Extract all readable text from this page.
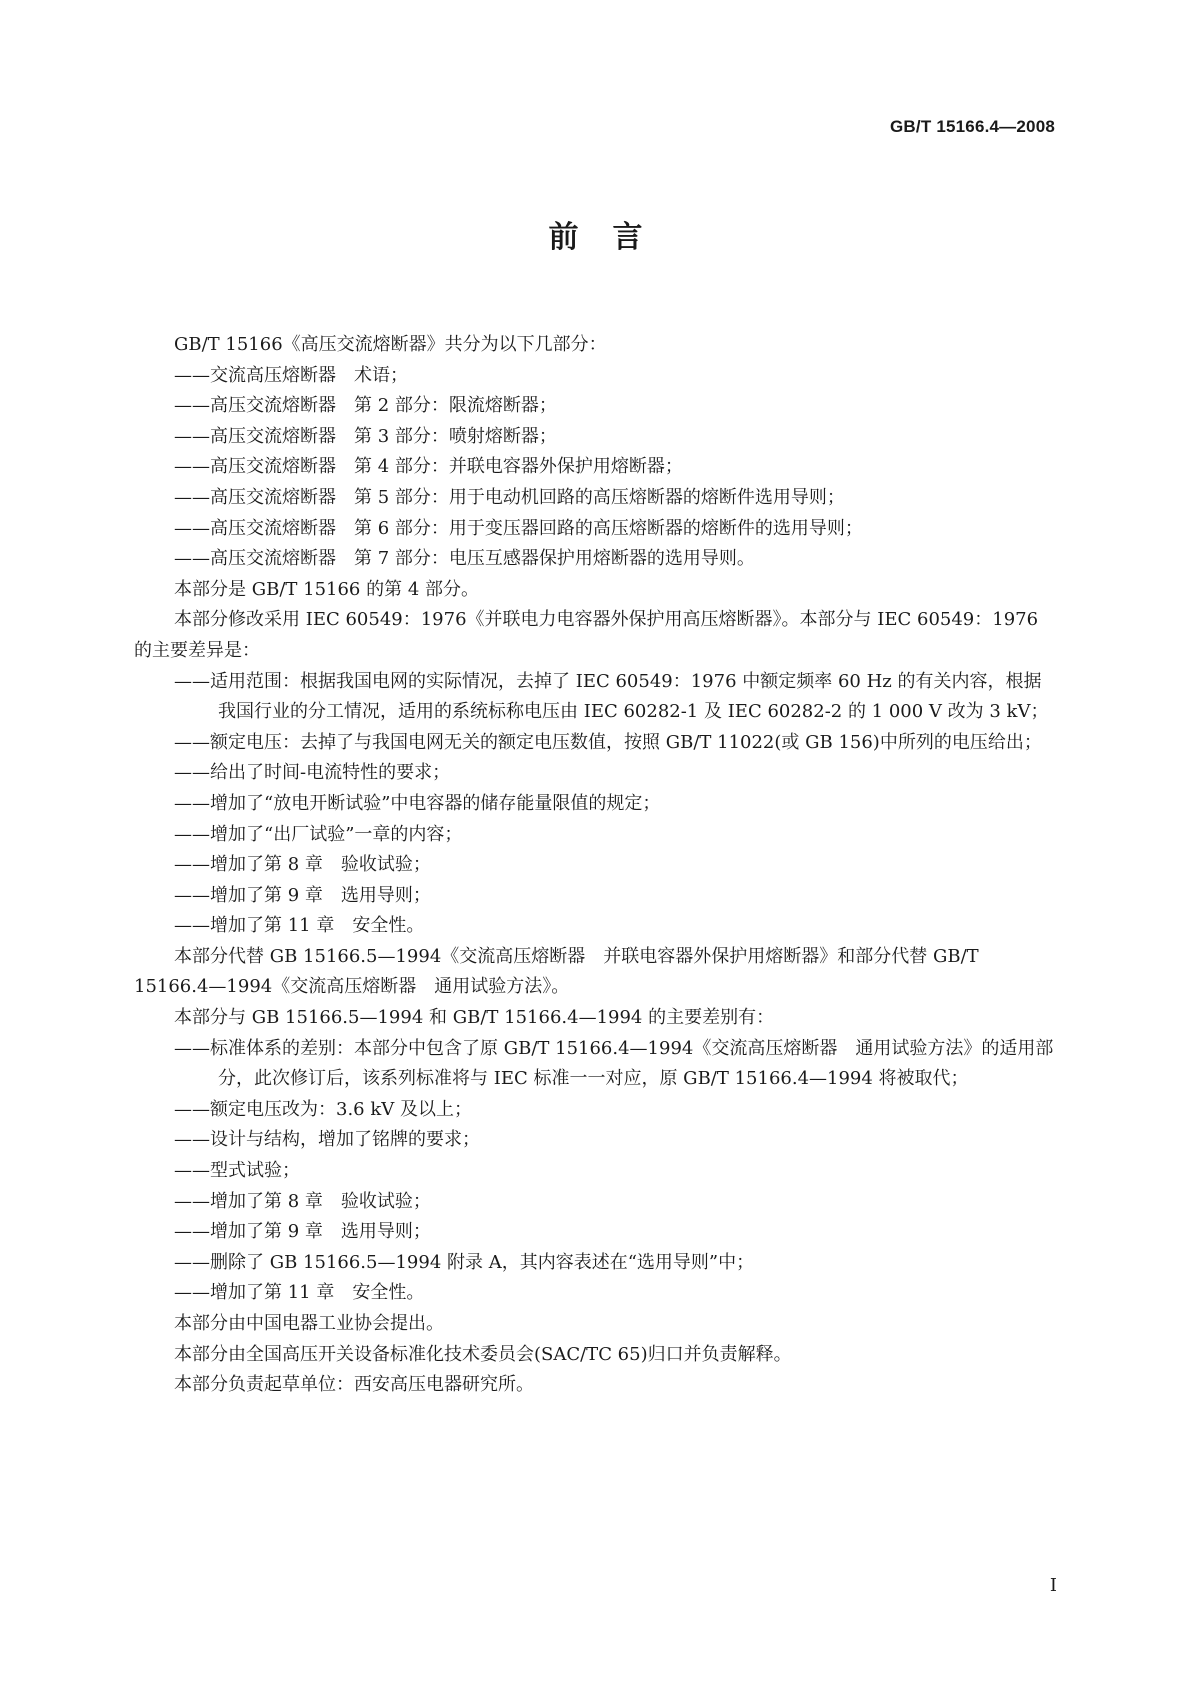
GB/T 15166.4—2008
前言

GB/T 15166《高压交流熔断器》共分为以下几部分：

——交流高压熔断器　术语；

——高压交流熔断器　第 2 部分：限流熔断器；

——高压交流熔断器　第 3 部分：喷射熔断器；

——高压交流熔断器　第 4 部分：并联电容器外保护用熔断器；

——高压交流熔断器　第 5 部分：用于电动机回路的高压熔断器的熔断件选用导则；

——高压交流熔断器　第 6 部分：用于变压器回路的高压熔断器的熔断件的选用导则；

——高压交流熔断器　第 7 部分：电压互感器保护用熔断器的选用导则。

本部分是 GB/T 15166 的第 4 部分。

本部分修改采用 IEC 60549：1976《并联电力电容器外保护用高压熔断器》。本部分与 IEC 60549：1976 的主要差异是：

——适用范围：根据我国电网的实际情况，去掉了 IEC 60549：1976 中额定频率 60 Hz 的有关内容，根据我国行业的分工情况，适用的系统标称电压由 IEC 60282-1 及 IEC 60282-2 的 1 000 V 改为 3 kV；

——额定电压：去掉了与我国电网无关的额定电压数值，按照 GB/T 11022(或 GB 156)中所列的电压给出；

——给出了时间-电流特性的要求；

——增加了“放电开断试验”中电容器的储存能量限值的规定；

——增加了“出厂试验”一章的内容；

——增加了第 8 章　验收试验；

——增加了第 9 章　选用导则；

——增加了第 11 章　安全性。

本部分代替 GB 15166.5—1994《交流高压熔断器　并联电容器外保护用熔断器》和部分代替 GB/T 15166.4—1994《交流高压熔断器　通用试验方法》。

本部分与 GB 15166.5—1994 和 GB/T 15166.4—1994 的主要差别有：

——标准体系的差别：本部分中包含了原 GB/T 15166.4—1994《交流高压熔断器　通用试验方法》的适用部分，此次修订后，该系列标准将与 IEC 标准一一对应，原 GB/T 15166.4—1994 将被取代；

——额定电压改为：3.6 kV 及以上；

——设计与结构，增加了铭牌的要求；

——型式试验；

——增加了第 8 章　验收试验；

——增加了第 9 章　选用导则；

——删除了 GB 15166.5—1994 附录 A，其内容表述在“选用导则”中；

——增加了第 11 章　安全性。

本部分由中国电器工业协会提出。

本部分由全国高压开关设备标准化技术委员会(SAC/TC 65)归口并负责解释。

本部分负责起草单位：西安高压电器研究所。

I
